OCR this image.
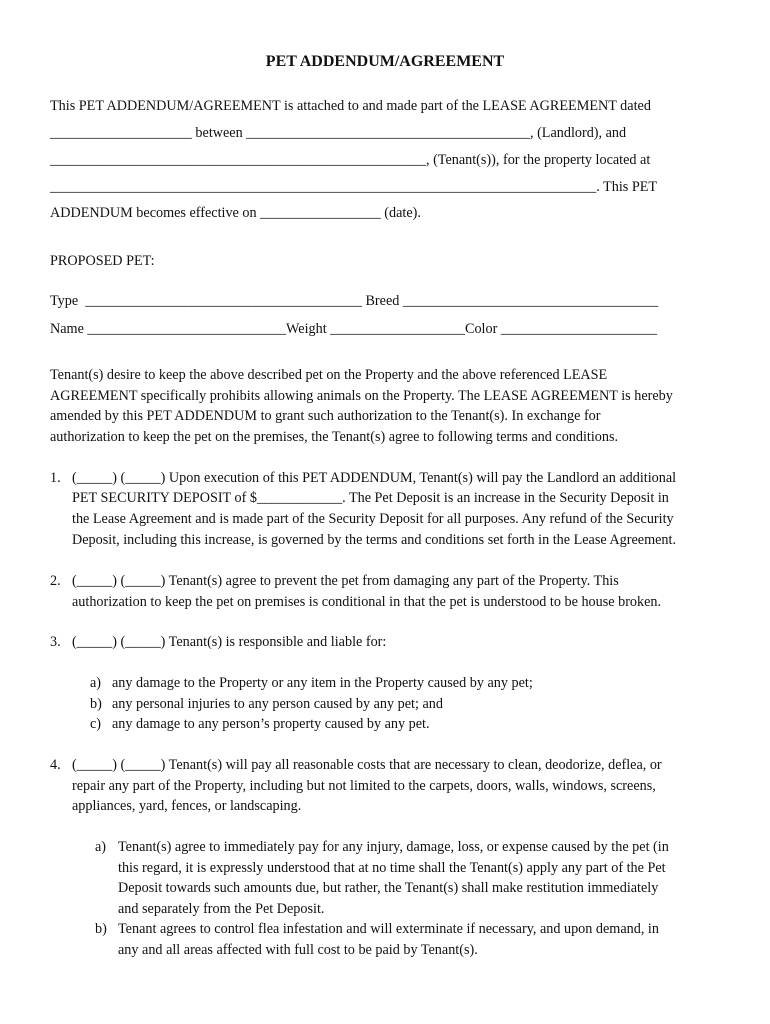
PET ADDENDUM/AGREEMENT
This PET ADDENDUM/AGREEMENT is attached to and made part of the LEASE AGREEMENT dated
____________________ between ________________________________________, (Landlord), and
_____________________________________________________, (Tenant(s)), for the property located at
_____________________________________________________________________________. This PET
ADDENDUM becomes effective on _________________ (date).
PROPOSED PET:
Type  _______________________________________ Breed ____________________________________
Name ____________________________Weight ___________________Color ______________________
Tenant(s) desire to keep the above described pet on the Property and the above referenced LEASE
AGREEMENT specifically prohibits allowing animals on the Property. The LEASE AGREEMENT is hereby
amended by this PET ADDENDUM to grant such authorization to the Tenant(s). In exchange for
authorization to keep the pet on the premises, the Tenant(s) agree to following terms and conditions.
1. (_____) (_____) Upon execution of this PET ADDENDUM, Tenant(s) will pay the Landlord an additional
PET SECURITY DEPOSIT of $____________. The Pet Deposit is an increase in the Security Deposit in
the Lease Agreement and is made part of the Security Deposit for all purposes. Any refund of the Security
Deposit, including this increase, is governed by the terms and conditions set forth in the Lease Agreement.
2. (_____) (_____) Tenant(s) agree to prevent the pet from damaging any part of the Property. This
authorization to keep the pet on premises is conditional in that the pet is understood to be house broken.
3. (_____) (_____) Tenant(s) is responsible and liable for:
a) any damage to the Property or any item in the Property caused by any pet;
b) any personal injuries to any person caused by any pet; and
c) any damage to any person’s property caused by any pet.
4. (_____) (_____) Tenant(s) will pay all reasonable costs that are necessary to clean, deodorize, deflea, or
repair any part of the Property, including but not limited to the carpets, doors, walls, windows, screens,
appliances, yard, fences, or landscaping.
a) Tenant(s) agree to immediately pay for any injury, damage, loss, or expense caused by the pet (in
this regard, it is expressly understood that at no time shall the Tenant(s) apply any part of the Pet
Deposit towards such amounts due, but rather, the Tenant(s) shall make restitution immediately
and separately from the Pet Deposit.
b) Tenant agrees to control flea infestation and will exterminate if necessary, and upon demand, in
any and all areas affected with full cost to be paid by Tenant(s).
